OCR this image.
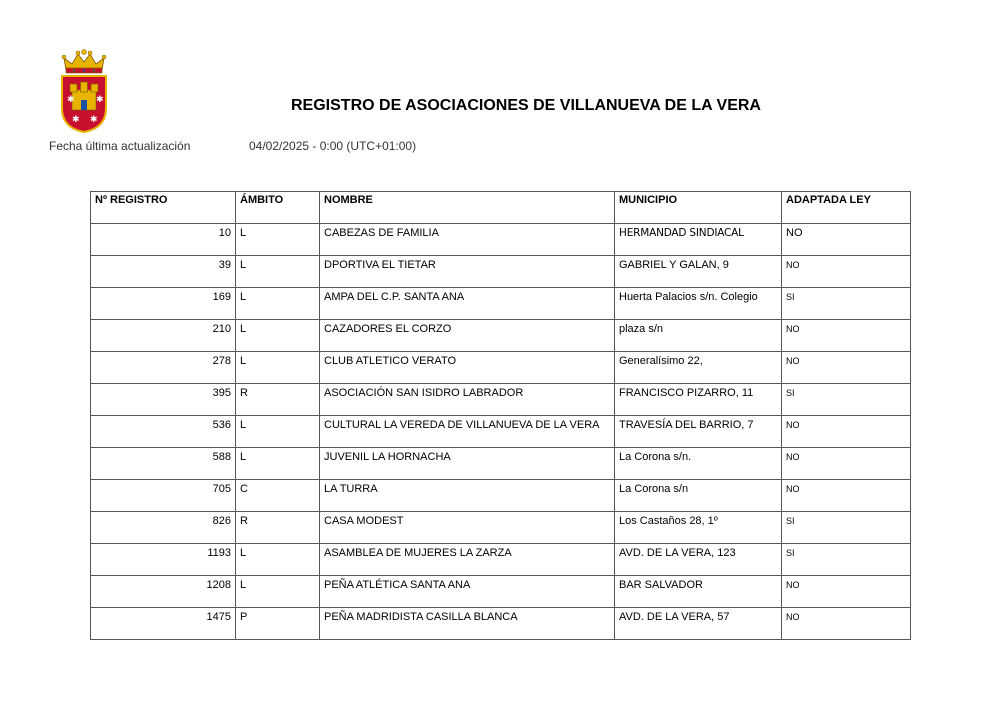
✱ ✱
✱ ✱
REGISTRO DE ASOCIACIONES DE VILLANUEVA DE LA VERA
Fecha última actualización	04/02/2025 - 0:00 (UTC+01:00)
Nº REGISTRO	ÁMBITO	NOMBRE	MUNICIPIO	ADAPTADA LEY
10	L	CABEZAS DE FAMILIA	HERMANDAD SINDIACAL	NO
39	L	DPORTIVA EL TIETAR	GABRIEL Y GALAN, 9	NO
169	L	AMPA DEL C.P. SANTA ANA	Huerta Palacios s/n. Colegio	SI
210	L	CAZADORES EL CORZO	plaza s/n	NO
278	L	CLUB ATLETICO VERATO	Generalísimo 22,	NO
395	R	ASOCIACIÓN SAN ISIDRO LABRADOR	FRANCISCO PIZARRO, 11	SI
536	L	CULTURAL LA VEREDA DE VILLANUEVA DE LA VERA	TRAVESÍA DEL BARRIO, 7	NO
588	L	JUVENIL LA HORNACHA	La Corona s/n.	NO
705	C	LA TURRA	La Corona s/n	NO
826	R	CASA MODEST	Los Castaños 28, 1º	SI
1193	L	ASAMBLEA DE MUJERES LA ZARZA	AVD. DE LA VERA, 123	SI
1208	L	PEÑA ATLÉTICA SANTA ANA	BAR SALVADOR	NO
1475	P	PEÑA MADRIDISTA CASILLA BLANCA	AVD. DE LA VERA, 57	NO
